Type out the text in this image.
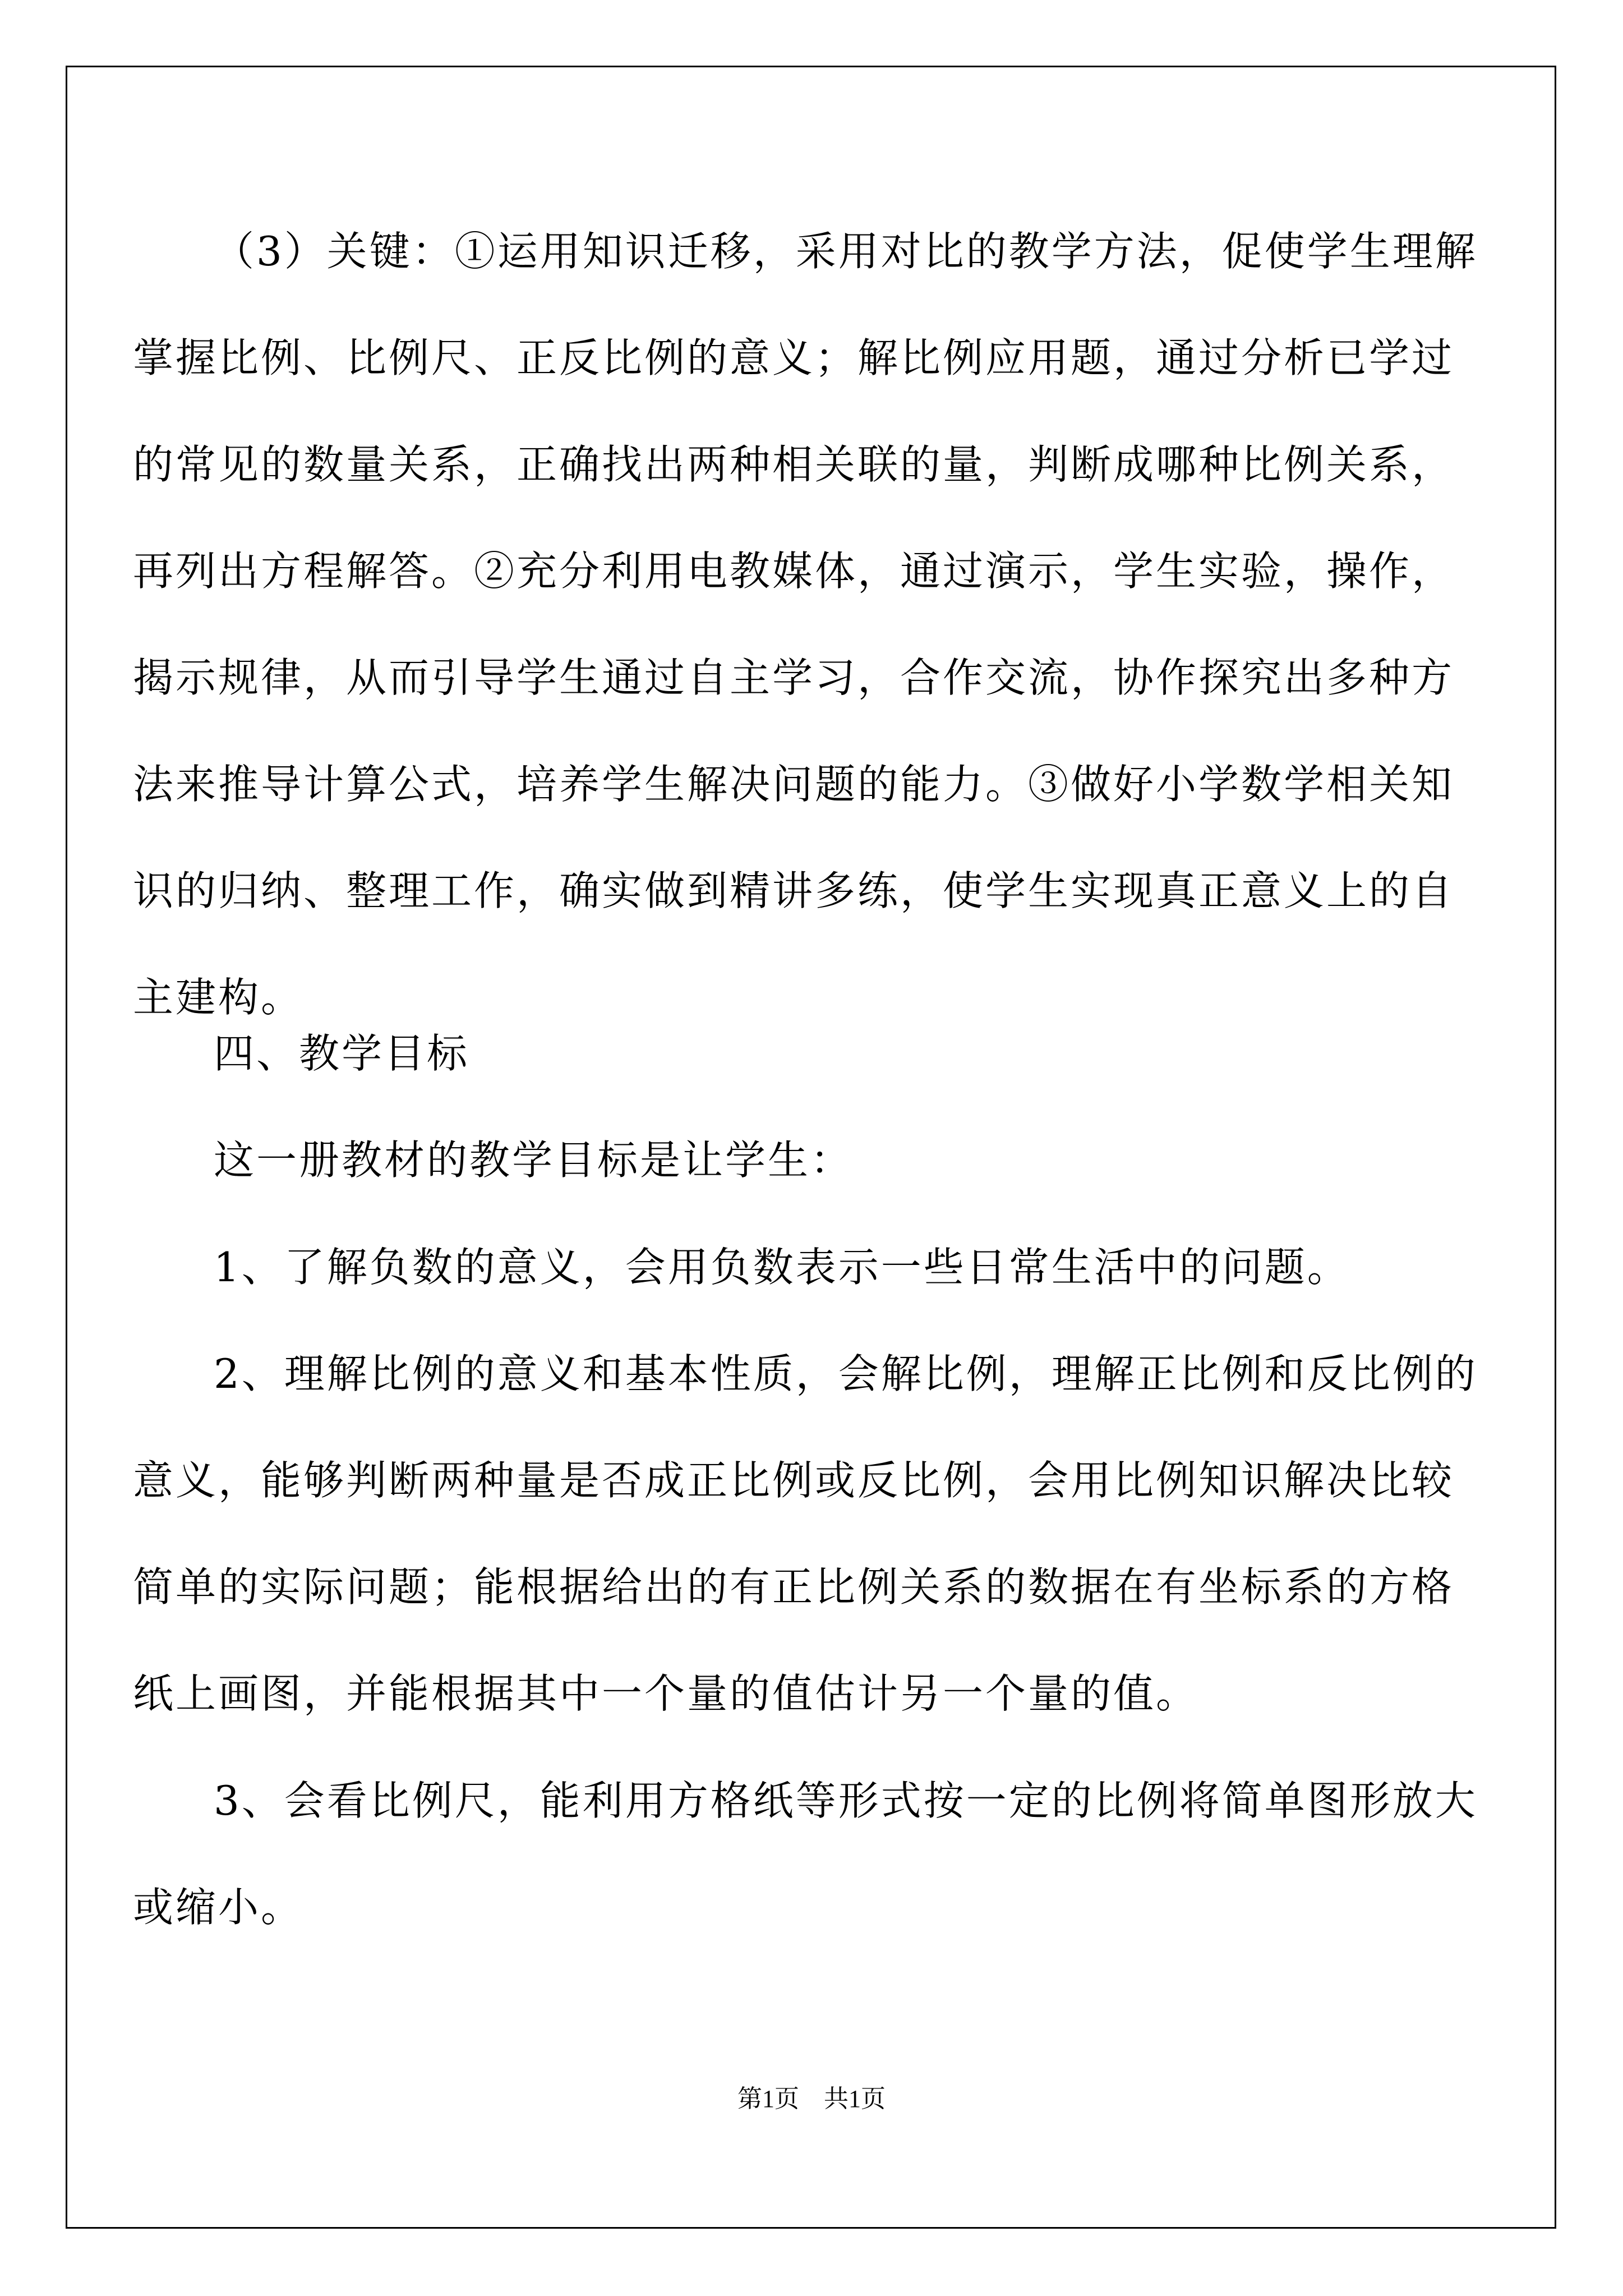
（3）关键：①运用知识迁移，采用对比的教学方法，促使学生理解掌握比例、比例尺、正反比例的意义；解比例应用题，通过分析已学过的常见的数量关系，正确找出两种相关联的量，判断成哪种比例关系，再列出方程解答。②充分利用电教媒体，通过演示，学生实验，操作，揭示规律，从而引导学生通过自主学习，合作交流，协作探究出多种方法来推导计算公式，培养学生解决问题的能力。③做好小学数学相关知识的归纳、整理工作，确实做到精讲多练，使学生实现真正意义上的自主建构。

四、教学目标

这一册教材的教学目标是让学生：

1、了解负数的意义，会用负数表示一些日常生活中的问题。

2、理解比例的意义和基本性质，会解比例，理解正比例和反比例的意义，能够判断两种量是否成正比例或反比例，会用比例知识解决比较简单的实际问题；能根据给出的有正比例关系的数据在有坐标系的方格纸上画图，并能根据其中一个量的值估计另一个量的值。

3、会看比例尺，能利用方格纸等形式按一定的比例将简单图形放大或缩小。

第1页　共1页
